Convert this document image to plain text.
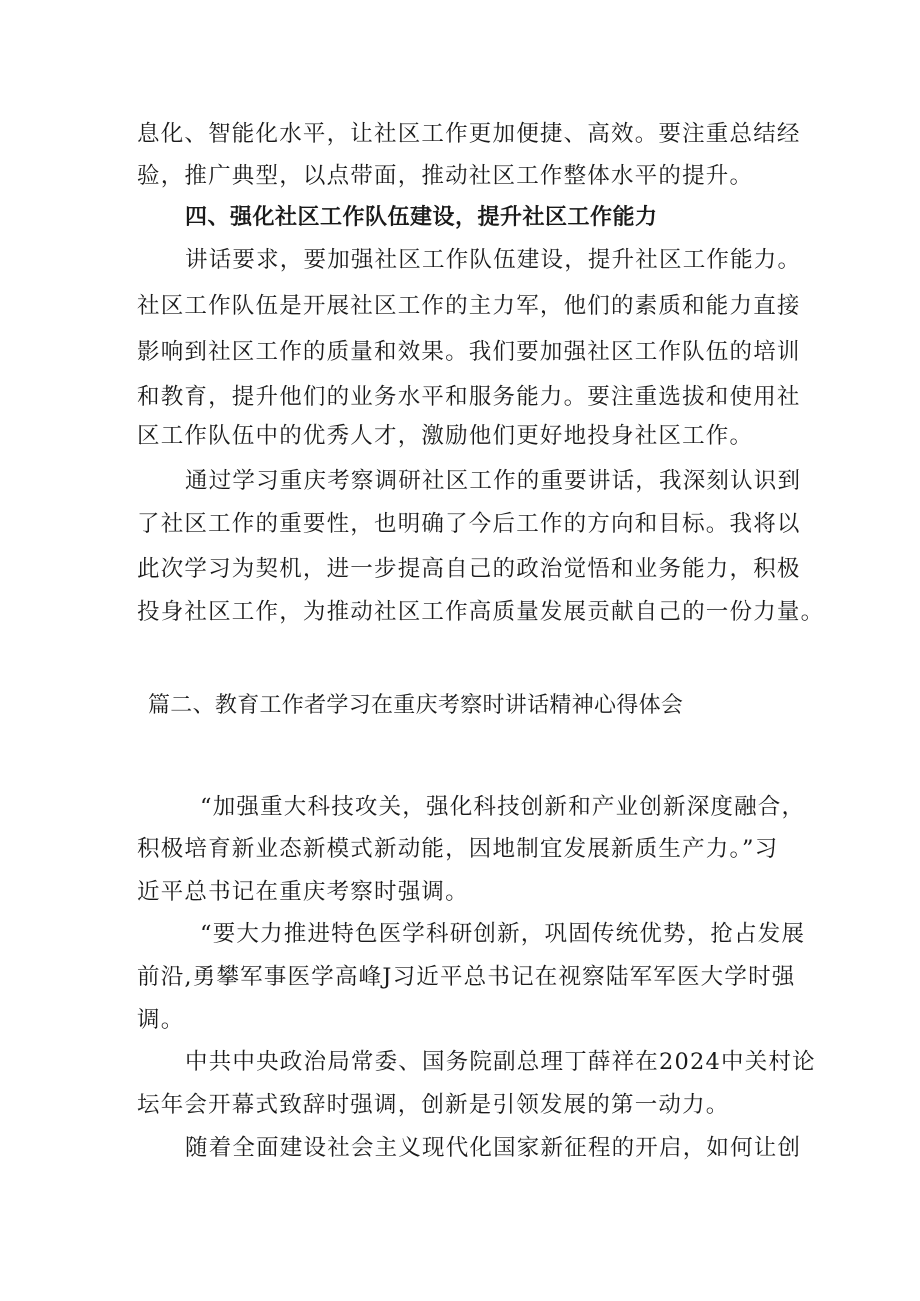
息化、智能化水平，让社区工作更加便捷、高效。要注重总结经
验，推广典型，以点带面，推动社区工作整体水平的提升。
四、强化社区工作队伍建设，提升社区工作能力
讲话要求，要加强社区工作队伍建设，提升社区工作能力。
社区工作队伍是开展社区工作的主力军，他们的素质和能力直接
影响到社区工作的质量和效果。我们要加强社区工作队伍的培训
和教育，提升他们的业务水平和服务能力。要注重选拔和使用社
区工作队伍中的优秀人才，激励他们更好地投身社区工作。
通过学习重庆考察调研社区工作的重要讲话，我深刻认识到
了社区工作的重要性，也明确了今后工作的方向和目标。我将以
此次学习为契机，进一步提高自己的政治觉悟和业务能力，积极
投身社区工作，为推动社区工作高质量发展贡献自己的一份力量。
篇二、教育工作者学习在重庆考察时讲话精神心得体会
“加强重大科技攻关，强化科技创新和产业创新深度融合，
积极培育新业态新模式新动能，因地制宜发展新质生产力。”习
近平总书记在重庆考察时强调。
“要大力推进特色医学科研创新，巩固传统优势，抢占发展
前沿,勇攀军事医学高峰J习近平总书记在视察陆军军医大学时强
调。
中共中央政治局常委、国务院副总理丁薛祥在2024中关村论
坛年会开幕式致辞时强调，创新是引领发展的第一动力。
随着全面建设社会主义现代化国家新征程的开启，如何让创
